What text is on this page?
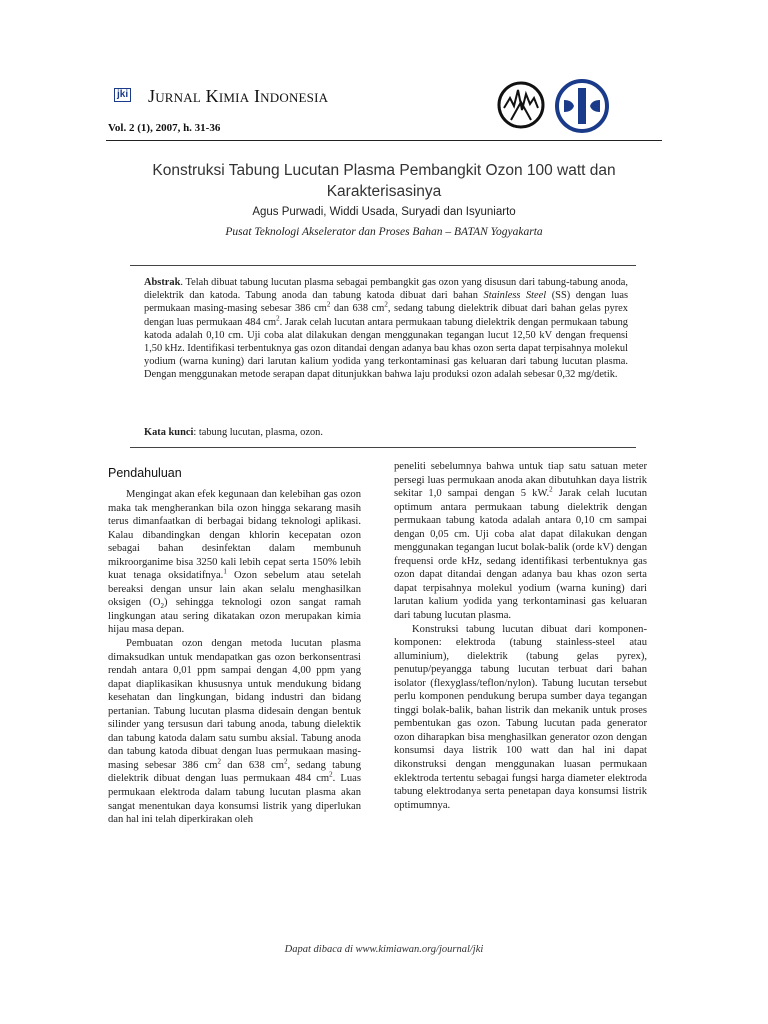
jki Jurnal Kimia Indonesia
Vol. 2 (1), 2007, h. 31-36
Konstruksi Tabung Lucutan Plasma Pembangkit Ozon 100 watt dan Karakterisasinya
Agus Purwadi, Widdi Usada, Suryadi dan Isyuniarto
Pusat Teknologi Akselerator dan Proses Bahan – BATAN Yogyakarta
Abstrak. Telah dibuat tabung lucutan plasma sebagai pembangkit gas ozon yang disusun dari tabung-tabung anoda, dielektrik dan katoda. Tabung anoda dan tabung katoda dibuat dari bahan Stainless Steel (SS) dengan luas permukaan masing-masing sebesar 386 $cm^2$ dan 638 $cm^2$, sedang tabung dielektrik dibuat dari bahan gelas pyrex dengan luas permukaan 484 $cm^2$. Jarak celah lucutan antara permukaan tabung dielektrik dengan permukaan tabung katoda adalah 0,10 cm. Uji coba alat dilakukan dengan menggunakan tegangan lucut 12,50 kV dengan frequensi 1,50 kHz. Identifikasi terbentuknya gas ozon ditandai dengan adanya bau khas ozon serta dapat terpisahnya molekul yodium (warna kuning) dari larutan kalium yodida yang terkontaminasi gas keluaran dari tabung lucutan plasma. Dengan menggunakan metode serapan dapat ditunjukkan bahwa laju produksi ozon adalah sebesar 0,32 mg/detik.
Kata kunci: tabung lucutan, plasma, ozon.
Pendahuluan

Mengingat akan efek kegunaan dan kelebihan gas ozon maka tak mengherankan bila ozon hingga sekarang masih terus dimanfaatkan di berbagai bidang teknologi aplikasi. Kalau dibandingkan dengan khlorin kecepatan ozon sebagai bahan desinfektan dalam membunuh mikroorganime bisa 3250 kali lebih cepat serta 150% lebih kuat tenaga oksidatifnya.$^1$ Ozon sebelum atau setelah bereaksi dengan unsur lain akan selalu menghasilkan oksigen $(O_2)$ sehingga teknologi ozon sangat ramah lingkungan atau sering dikatakan ozon merupakan kimia hijau masa depan.

Pembuatan ozon dengan metoda lucutan plasma dimaksudkan untuk mendapatkan gas ozon berkonsentrasi rendah antara 0,01 ppm sampai dengan 4,00 ppm yang dapat diaplikasikan khususnya untuk mendukung bidang kesehatan dan lingkungan, bidang industri dan bidang pertanian. Tabung lucutan plasma didesain dengan bentuk silinder yang tersusun dari tabung anoda, tabung dielektik dan tabung katoda dalam satu sumbu aksial. Tabung anoda dan tabung katoda dibuat dengan luas permukaan masing-masing sebesar 386 $cm^2$ dan 638 $cm^2$, sedang tabung dielektrik dibuat dengan luas permukaan 484 $cm^2$. Luas permukaan elektroda dalam tabung lucutan plasma akan sangat menentukan daya konsumsi listrik yang diperlukan dan hal ini telah diperkirakan oleh

peneliti sebelumnya bahwa untuk tiap satu satuan meter persegi luas permukaan anoda akan dibutuhkan daya listrik sekitar 1,0 sampai dengan 5 kW.$^2$ Jarak celah lucutan optimum antara permukaan tabung dielektrik dengan permukaan tabung katoda adalah antara 0,10 cm sampai dengan 0,05 cm. Uji coba alat dapat dilakukan dengan menggunakan tegangan lucut bolak-balik (orde kV) dengan frequensi orde kHz, sedang identifikasi terbentuknya gas ozon dapat ditandai dengan adanya bau khas ozon serta dapat terpisahnya molekul yodium (warna kuning) dari larutan kalium yodida yang terkontaminasi gas keluaran dari tabung lucutan plasma.

Konstruksi tabung lucutan dibuat dari komponen-komponen: elektroda (tabung stainless-steel atau alluminium), dielektrik (tabung gelas pyrex), penutup/peyangga tabung lucutan terbuat dari bahan isolator (flexyglass/teflon/nylon). Tabung lucutan tersebut perlu komponen pendukung berupa sumber daya tegangan tinggi bolak-balik, bahan listrik dan mekanik untuk proses pembentukan gas ozon. Tabung lucutan pada generator ozon diharapkan bisa menghasilkan generator ozon dengan konsumsi daya listrik 100 watt dan hal ini dapat dikonstruksi dengan menggunakan luasan permukaan eklektroda tertentu sebagai fungsi harga diameter elektroda tabung elektrodanya serta penetapan daya konsumsi listrik optimumnya.

Dapat dibaca di www.kimiawan.org/journal/jki
